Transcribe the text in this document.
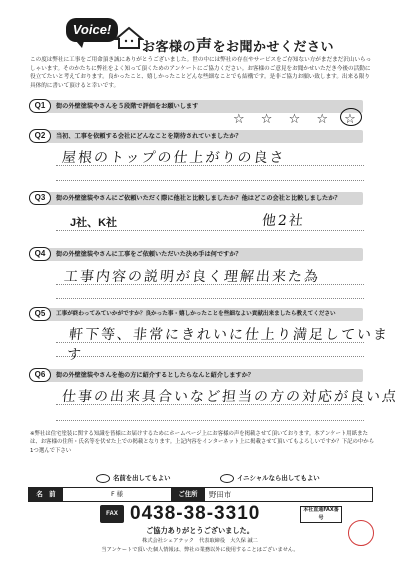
Voice!
お客様の声をお聞かせください
この度は弊社に工事をご用命頂き誠にありがとうございました。世の中には弊社の存在やサービスをご存知ない方がまだまだ沢山いらっしゃいます。そのかたちに弊社をよく知って頂くためのアンケートにご協力ください。お客様のご意見をお聞かせいただき今後の活動に役立てたいと考えております。良かったこと、嬉しかったことどんな些細なことでも結構です。是非ご協力お願い致します。出来る限り具体的に書いて頂けると幸いです。
Q1	街の外壁塗装やさんを５段階で評価をお願いします
☆ ☆ ☆ ☆ ☆
Q2	当初、工事を依頼する会社にどんなことを期待されていましたか？
屋根のトップの仕上がりの良さ
Q3	街の外壁塗装やさんにご依頼いただく際に他社と比較しましたか？他はどこの会社と比較しましたか？
J社、K社	他2社
Q4	街の外壁塗装やさんに工事をご依頼いただいた決め手は何ですか？
工事内容の説明が良く理解出来た為
Q5	工事が終わってみていかがですか？良かった事・嬉しかったことを些細なよい貢献出来ましたら教えてください
軒下等、非常にきれいに仕上り満足しています
Q6	街の外壁塗装やさんを他の方に紹介するとしたらなんと紹介しますか？
仕事の出来具合いなど担当の方の対応が良い点
※弊社は住宅塗装に関する知識を皆様にお届けするためにホームページ上にお客様の声を掲載させて頂いております。本アンケート用紙または、お客様の住所・氏名等を伏せた上での掲載となります。上記内容をインターネット上に掲載させて頂いてもよろしいですか？下記の中から1つ選んで下さい
名前を出してもよい	イニシャルなら出してもよい
名　前	F 様	ご住所	野田市
FAX 0438-38-3310	本社直通FAX番号
ご協力ありがとうございました。
株式会社シェアテック　代表取締役　大久保 誠二
当アンケートで頂いた個人情報は、弊社の業務以外に使用することはございません。
